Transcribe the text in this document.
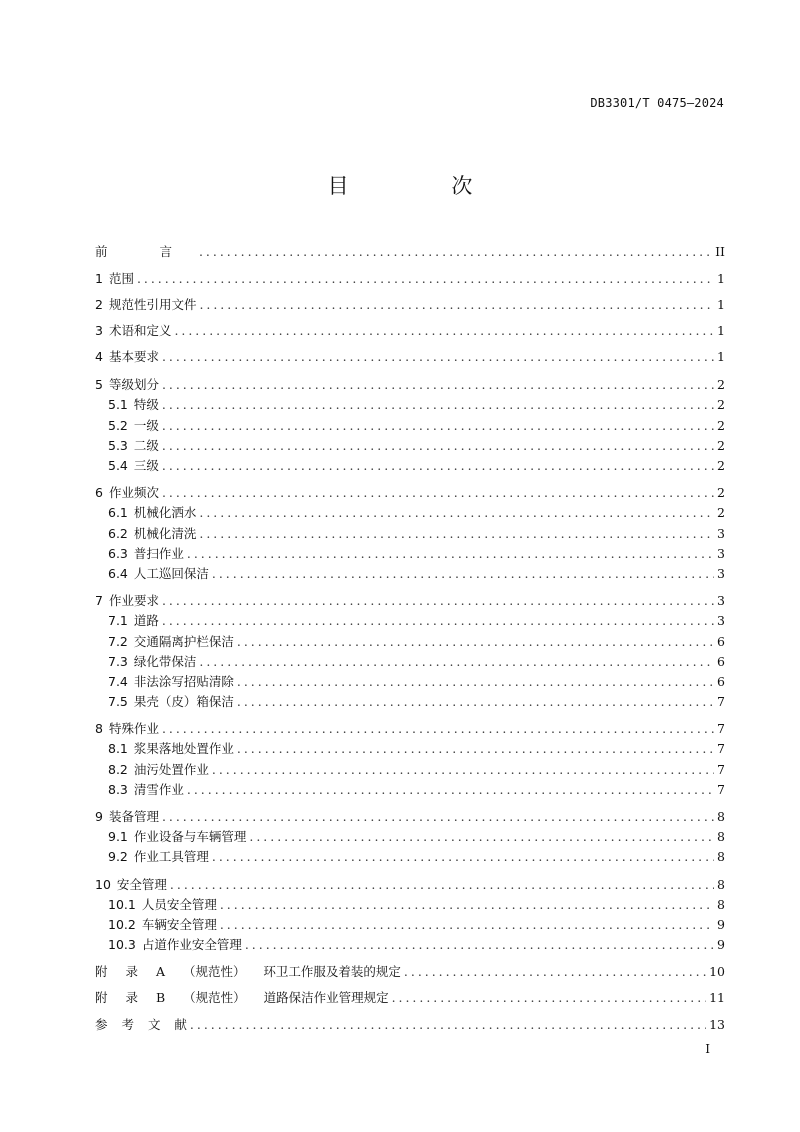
DB3301/T 0475—2024
目 次
前 言 . . .	II
1 范围 . . .	1
2 规范性引用文件 . . .	1
3 术语和定义 . . .	1
4 基本要求 . . .	1
5 等级划分 . . .	2
5.1 特级 . . .	2
5.2 一级 . . .	2
5.3 二级 . . .	2
5.4 三级 . . .	2
6 作业频次 . . .	2
6.1 机械化洒水 . . .	2
6.2 机械化清洗 . . .	3
6.3 普扫作业 . . .	3
6.4 人工巡回保洁 . . .	3
7 作业要求 . . .	3
7.1 道路 . . .	3
7.2 交通隔离护栏保洁 . . .	6
7.3 绿化带保洁 . . .	6
7.4 非法涂写招贴清除 . . .	6
7.5 果壳（皮）箱保洁 . . .	7
8 特殊作业 . . .	7
8.1 浆果落地处置作业 . . .	7
8.2 油污处置作业 . . .	7
8.3 清雪作业 . . .	7
9 装备管理 . . .	8
9.1 作业设备与车辆管理 . . .	8
9.2 作业工具管理 . . .	8
10 安全管理 . . .	8
10.1 人员安全管理 . . .	8
10.2 车辆安全管理 . . .	9
10.3 占道作业安全管理 . . .	9
附 录 A （规范性） 环卫工作服及着装的规定 . . .	10
附 录 B （规范性） 道路保洁作业管理规定 . . .	11
参 考 文 献 . . .	13
I
